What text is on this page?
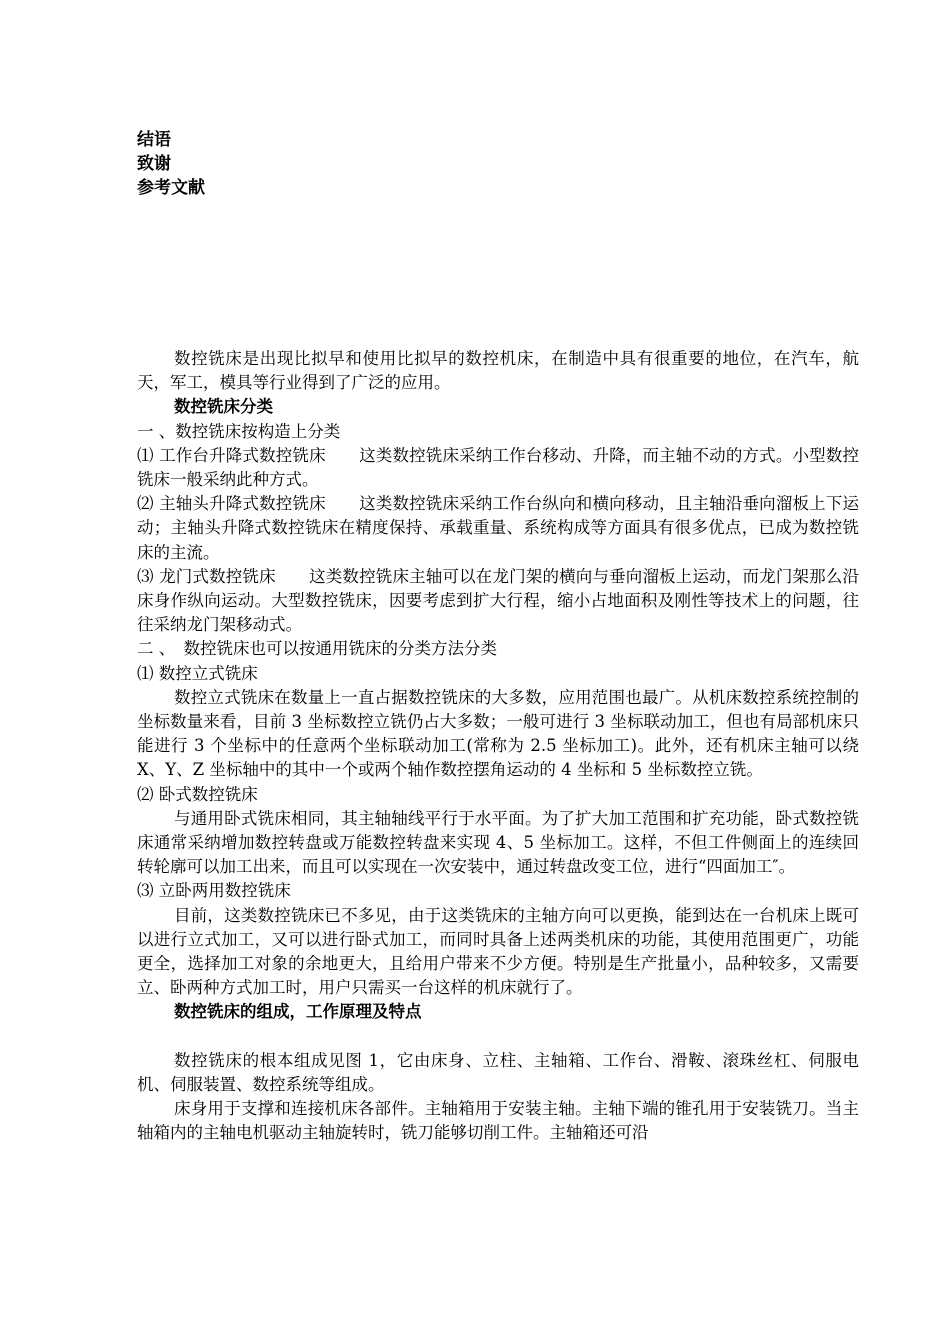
结语
致谢
参考文献

数控铣床是出现比拟早和使用比拟早的数控机床，在制造中具有很重要的地位，在汽车，航天，军工，模具等行业得到了广泛的应用。

数控铣床分类

一 、数控铣床按构造上分类

⑴ 工作台升降式数控铣床　　这类数控铣床采纳工作台移动、升降，而主轴不动的方式。小型数控铣床一般采纳此种方式。

⑵ 主轴头升降式数控铣床　　这类数控铣床采纳工作台纵向和横向移动，且主轴沿垂向溜板上下运动；主轴头升降式数控铣床在精度保持、承载重量、系统构成等方面具有很多优点，已成为数控铣床的主流。

⑶ 龙门式数控铣床　　这类数控铣床主轴可以在龙门架的横向与垂向溜板上运动，而龙门架那么沿床身作纵向运动。大型数控铣床，因要考虑到扩大行程，缩小占地面积及刚性等技术上的问题，往往采纳龙门架移动式。

二 、　数控铣床也可以按通用铣床的分类方法分类

⑴ 数控立式铣床

数控立式铣床在数量上一直占据数控铣床的大多数，应用范围也最广。从机床数控系统控制的坐标数量来看，目前 3 坐标数控立铣仍占大多数；一般可进行 3 坐标联动加工，但也有局部机床只能进行 3 个坐标中的任意两个坐标联动加工(常称为 2.5 坐标加工)。此外，还有机床主轴可以绕 X、Y、Z 坐标轴中的其中一个或两个轴作数控摆角运动的 4 坐标和 5 坐标数控立铣。

⑵ 卧式数控铣床

与通用卧式铣床相同，其主轴轴线平行于水平面。为了扩大加工范围和扩充功能，卧式数控铣床通常采纳增加数控转盘或万能数控转盘来实现 4、5 坐标加工。这样，不但工件侧面上的连续回转轮廓可以加工出来，而且可以实现在一次安装中，通过转盘改变工位，进行“四面加工″。

⑶ 立卧两用数控铣床

目前，这类数控铣床已不多见，由于这类铣床的主轴方向可以更换，能到达在一台机床上既可以进行立式加工，又可以进行卧式加工，而同时具备上述两类机床的功能，其使用范围更广，功能更全，选择加工对象的余地更大，且给用户带来不少方便。特别是生产批量小，品种较多，又需要立、卧两种方式加工时，用户只需买一台这样的机床就行了。

数控铣床的组成，工作原理及特点

数控铣床的根本组成见图 1，它由床身、立柱、主轴箱、工作台、滑鞍、滚珠丝杠、伺服电机、伺服装置、数控系统等组成。

床身用于支撑和连接机床各部件。主轴箱用于安装主轴。主轴下端的锥孔用于安装铣刀。当主轴箱内的主轴电机驱动主轴旋转时，铣刀能够切削工件。主轴箱还可沿
